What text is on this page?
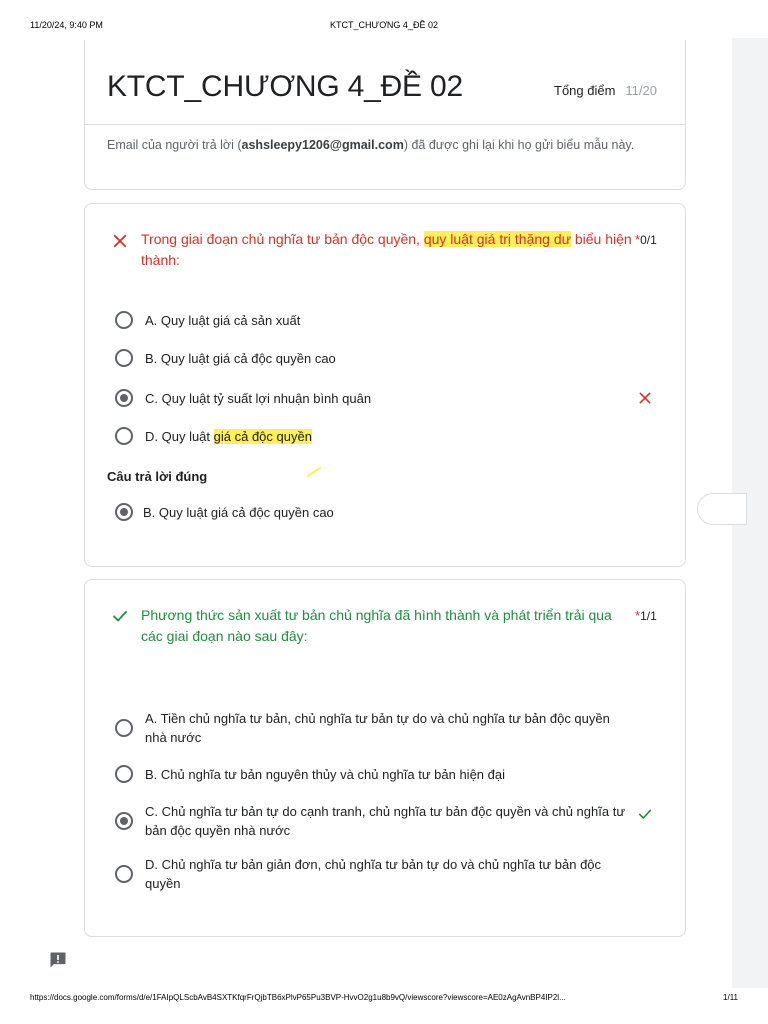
11/20/24, 9:40 PM	KTCT_CHƯƠNG 4_ĐỀ 02
KTCT_CHƯƠNG 4_ĐỀ 02	Tổng điểm 11/20
Email của người trả lời (ashsleepy1206@gmail.com) đã được ghi lại khi họ gửi biểu mẫu này.
Trong giai đoạn chủ nghĩa tư bản độc quyền, quy luật giá trị thặng dư biểu hiện thành:
*0/1
A. Quy luật giá cả sản xuất
B. Quy luật giá cả độc quyền cao
C. Quy luật tỷ suất lợi nhuận bình quân
D. Quy luật giá cả độc quyền
Câu trả lời đúng
B. Quy luật giá cả độc quyền cao
Phương thức sản xuất tư bản chủ nghĩa đã hình thành và phát triển trải qua các giai đoạn nào sau đây:
*1/1
A. Tiền chủ nghĩa tư bản, chủ nghĩa tư bản tự do và chủ nghĩa tư bản độc quyền nhà nước
B. Chủ nghĩa tư bản nguyên thủy và chủ nghĩa tư bản hiện đại
C. Chủ nghĩa tư bản tự do cạnh tranh, chủ nghĩa tư bản độc quyền và chủ nghĩa tư bản độc quyền nhà nước
D. Chủ nghĩa tư bản giản đơn, chủ nghĩa tư bản tự do và chủ nghĩa tư bản độc quyền
https://docs.google.com/forms/d/e/1FAIpQLScbAvB4SXTKfqrFrQjbTB6xPlvP65Pu3BVP-HvvO2g1u8b9vQ/viewscore?viewscore=AE0zAgAvnBP4IP2l...	1/11
